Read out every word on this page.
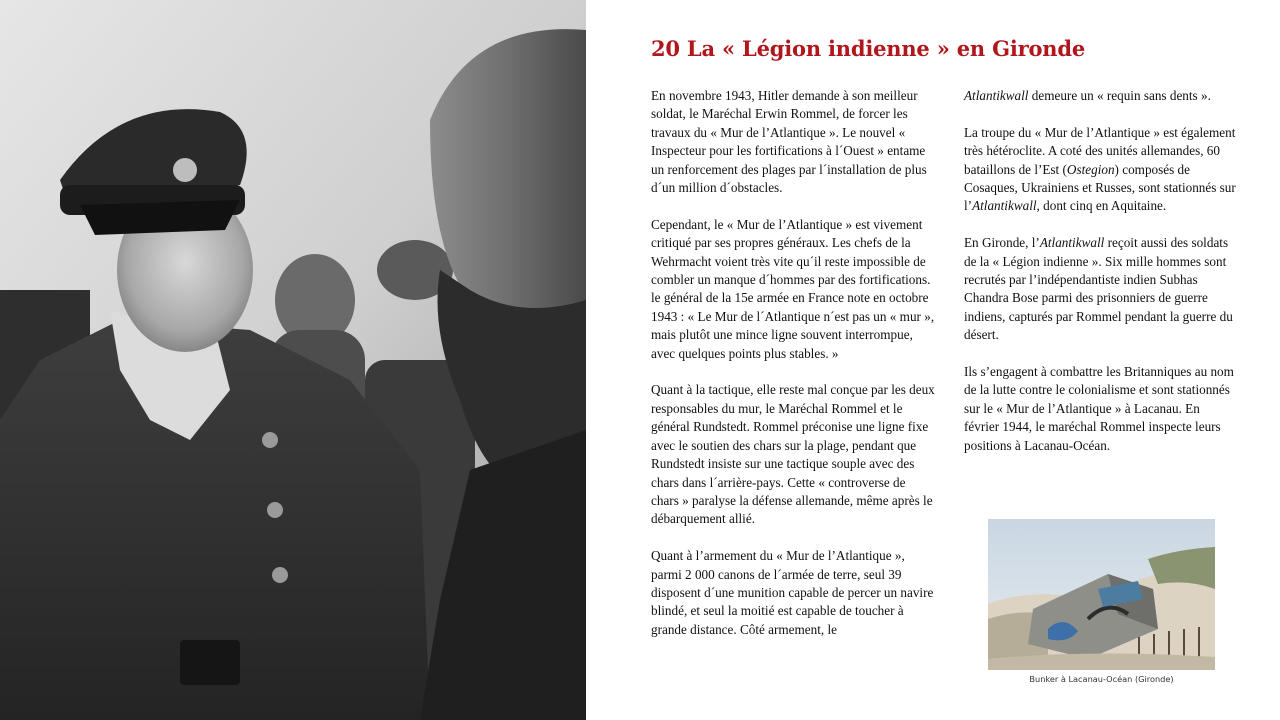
20 La « Légion indienne » en Gironde

En novembre 1943, Hitler demande à son meilleur soldat, le Maréchal Erwin Rommel, de forcer les travaux du « Mur de l’Atlantique ». Le nouvel « Inspecteur pour les fortifications à l´Ouest » entame un renforcement des plages par l´installation de plus d´un million d´obstacles.

Cependant, le « Mur de l’Atlantique » est vivement critiqué par ses propres généraux. Les chefs de la Wehrmacht voient très vite qu´il reste impossible de combler un manque d´hommes par des fortifications. le général de la 15e armée en France note en octobre 1943 : « Le Mur de l´Atlantique n´est pas un « mur », mais plutôt une mince ligne souvent interrompue, avec quelques points plus stables. »

Quant à la tactique, elle reste mal conçue par les deux responsables du mur, le Maréchal Rommel et le général Rundstedt. Rommel préconise une ligne fixe avec le soutien des chars sur la plage, pendant que Rundstedt insiste sur une tactique souple avec des chars dans l´arrière-pays. Cette « controverse de chars » paralyse la défense allemande, même après le débarquement allié.

Quant à l’armement du « Mur de l’Atlantique », parmi 2 000 canons de l´armée de terre, seul 39 disposent d´une munition capable de percer un navire blindé, et seul la moitié est capable de toucher à grande distance. Côté armement, le

Atlantikwall demeure un « requin sans dents ».

La troupe du « Mur de l’Atlantique » est également très hétéroclite. A coté des unités allemandes, 60 bataillons de l’Est (Ostegion) composés de Cosaques, Ukrainiens et Russes, sont stationnés sur l’Atlantikwall, dont cinq en Aquitaine.

En Gironde, l’Atlantikwall reçoit aussi des soldats de la « Légion indienne ». Six mille hommes sont recrutés par l’indépendantiste indien Subhas Chandra Bose parmi des prisonniers de guerre indiens, capturés par Rommel pendant la guerre du désert.

Ils s’engagent à combattre les Britanniques au nom de la lutte contre le colonialisme et sont stationnés sur le « Mur de l’Atlantique » à Lacanau. En février 1944, le maréchal Rommel inspecte leurs positions à Lacanau-Océan.

Bunker à Lacanau-Océan (Gironde)
